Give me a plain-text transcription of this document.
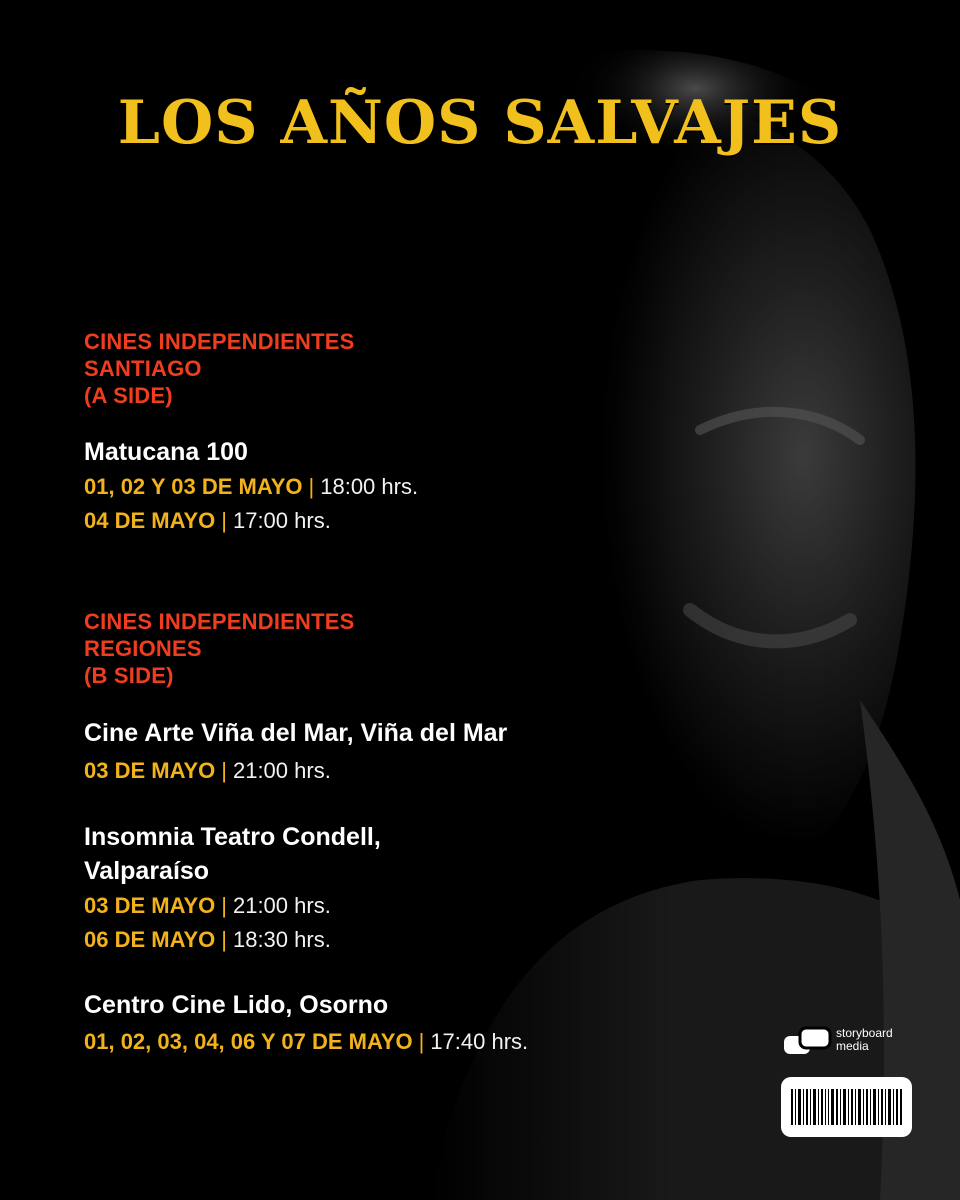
LOS AÑOS SALVAJES
CINES INDEPENDIENTES
SANTIAGO
(A SIDE)
Matucana 100
01, 02 Y 03 DE MAYO | 18:00 hrs.
04 DE MAYO | 17:00 hrs.
CINES INDEPENDIENTES
REGIONES
(B SIDE)
Cine Arte Viña del Mar, Viña del Mar
03 DE MAYO | 21:00 hrs.
Insomnia Teatro Condell,
Valparaíso
03 DE MAYO | 21:00 hrs.
06 DE MAYO | 18:30 hrs.
Centro Cine Lido, Osorno
01, 02, 03, 04, 06 Y 07 DE MAYO | 17:40 hrs.	storyboard
media
